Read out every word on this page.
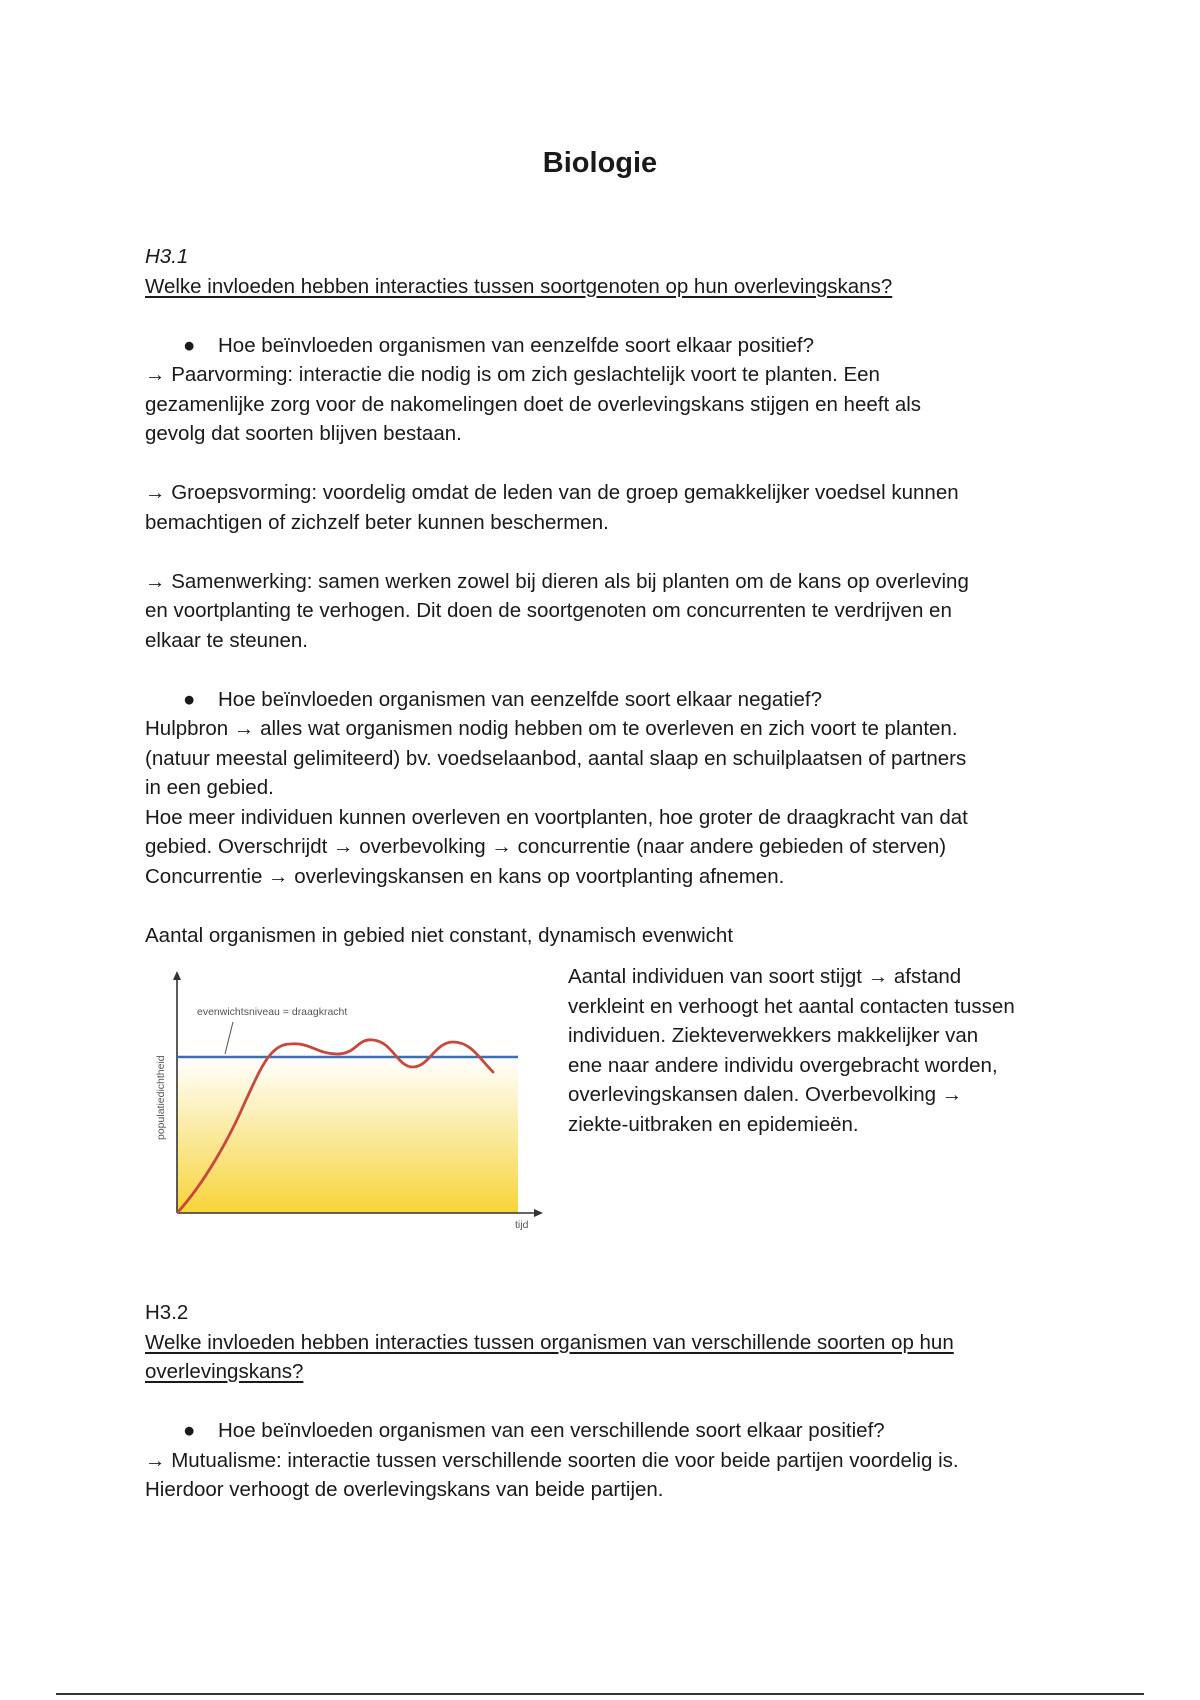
Biologie

H3.1

Welke invloeden hebben interacties tussen soortgenoten op hun overlevingskans?

● Hoe beïnvloeden organismen van eenzelfde soort elkaar positief?

→ Paarvorming: interactie die nodig is om zich geslachtelijk voort te planten. Een

gezamenlijke zorg voor de nakomelingen doet de overlevingskans stijgen en heeft als

gevolg dat soorten blijven bestaan.

→ Groepsvorming: voordelig omdat de leden van de groep gemakkelijker voedsel kunnen

bemachtigen of zichzelf beter kunnen beschermen.

→ Samenwerking: samen werken zowel bij dieren als bij planten om de kans op overleving

en voortplanting te verhogen. Dit doen de soortgenoten om concurrenten te verdrijven en

elkaar te steunen.

● Hoe beïnvloeden organismen van eenzelfde soort elkaar negatief?

Hulpbron → alles wat organismen nodig hebben om te overleven en zich voort te planten.

(natuur meestal gelimiteerd) bv. voedselaanbod, aantal slaap en schuilplaatsen of partners

in een gebied.

Hoe meer individuen kunnen overleven en voortplanten, hoe groter de draagkracht van dat

gebied. Overschrijdt → overbevolking → concurrentie (naar andere gebieden of sterven)

Concurrentie → overlevingskansen en kans op voortplanting afnemen.

Aantal organismen in gebied niet constant, dynamisch evenwicht

evenwichtsniveau = draagkracht
populatiedichtheid
tijd

Aantal individuen van soort stijgt → afstand

verkleint en verhoogt het aantal contacten tussen

individuen. Ziekteverwekkers makkelijker van

ene naar andere individu overgebracht worden,

overlevingskansen dalen. Overbevolking →

ziekte-uitbraken en epidemieën.

H3.2

Welke invloeden hebben interacties tussen organismen van verschillende soorten op hun

overlevingskans?

● Hoe beïnvloeden organismen van een verschillende soort elkaar positief?

→ Mutualisme: interactie tussen verschillende soorten die voor beide partijen voordelig is.

Hierdoor verhoogt de overlevingskans van beide partijen.
